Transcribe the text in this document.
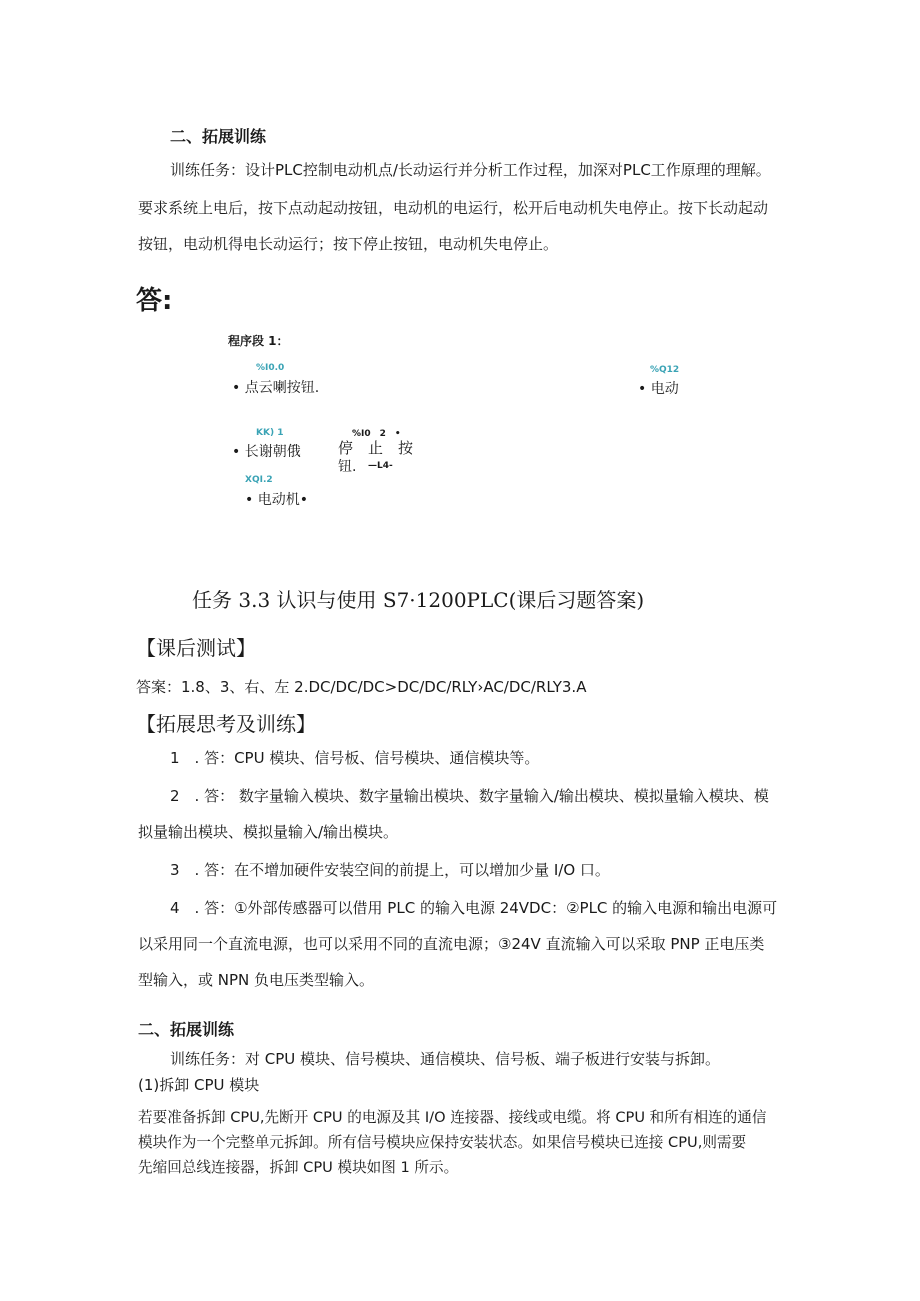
二、拓展训练
训练任务：设计PLC控制电动机点/长动运行并分析工作过程，加深对PLC工作原理的理解。
要求系统上电后，按下点动起动按钮，电动机的电运行，松开后电动机失电停止。按下长动起动
按钮，电动机得电长动运行；按下停止按钮，电动机失电停止。
答:
程序段 1：
%I0.0
• 点云喇按钮.
%Q12
• 电动
KK) 1
• 长谢朝俄
%I0　2　•
停　止　按
钮. —L4-
XQI.2
• 电动机•
任务 3.3 认识与使用 S7·1200PLC(课后习题答案)
【课后测试】
答案：1.8、3、右、左 2.DC/DC/DC>DC/DC/RLY›AC/DC/RLY3.A
【拓展思考及训练】
1　. 答：CPU 模块、信号板、信号模块、通信模块等。
2　. 答： 数字量输入模块、数字量输出模块、数字量输入/输出模块、模拟量输入模块、模
拟量输出模块、模拟量输入/输出模块。
3　. 答：在不增加硬件安装空间的前提上，可以增加少量 I/O 口。
4　. 答：①外部传感器可以借用 PLC 的输入电源 24VDC：②PLC 的输入电源和输出电源可
以采用同一个直流电源，也可以采用不同的直流电源；③24V 直流输入可以采取 PNP 正电压类
型输入，或 NPN 负电压类型输入。
二、拓展训练
训练任务：对 CPU 模块、信号模块、通信模块、信号板、端子板进行安装与拆卸。
(1)拆卸 CPU 模块
若要准备拆卸 CPU,先断开 CPU 的电源及其 I/O 连接器、接线或电缆。将 CPU 和所有相连的通信
模块作为一个完整单元拆卸。所有信号模块应保持安装状态。如果信号模块已连接 CPU,则需要
先缩回总线连接器，拆卸 CPU 模块如图 1 所示。
